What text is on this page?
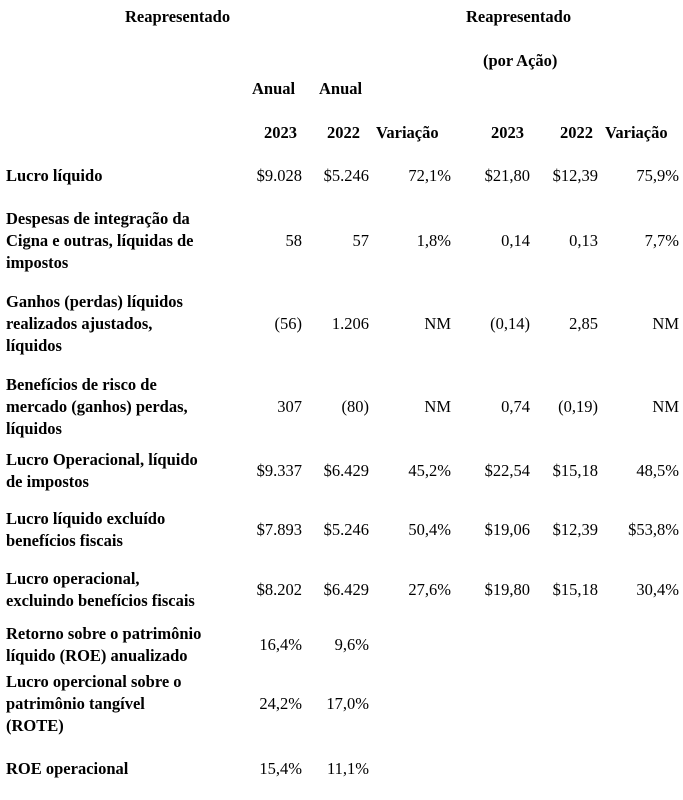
Reapresentado	Reapresentado
(por Ação)
Anual Anual
2023 2022 Variação	2023 2022 Variação
Lucro líquido	$9.028 $5.246 72,1% $21,80 $12,39 75,9%
Despesas de integração da
Cigna e outras, líquidas de
impostos
58	57	1,8%	0,14 0,13	7,7%
Ganhos (perdas) líquidos
realizados ajustados,
líquidos
(56) 1.206	NM (0,14) 2,85	NM
Benefícios de risco de
mercado (ganhos) perdas,
líquidos
307 (80)	NM	0,74 (0,19)	NM
Lucro Operacional, líquido
de impostos
$9.337 $6.429 45,2% $22,54 $15,18 48,5%
Lucro líquido excluído
benefícios fiscais
$7.893 $5.246 50,4% $19,06 $12,39 $53,8%
Lucro operacional,
excluindo benefícios fiscais
$8.202 $6.429 27,6% $19,80 $15,18 30,4%
Retorno sobre o patrimônio
líquido (ROE) anualizado
16,4% 9,6%
Lucro opercional sobre o
patrimônio tangível
(ROTE)
24,2% 17,0%
ROE operacional	15,4% 11,1%
